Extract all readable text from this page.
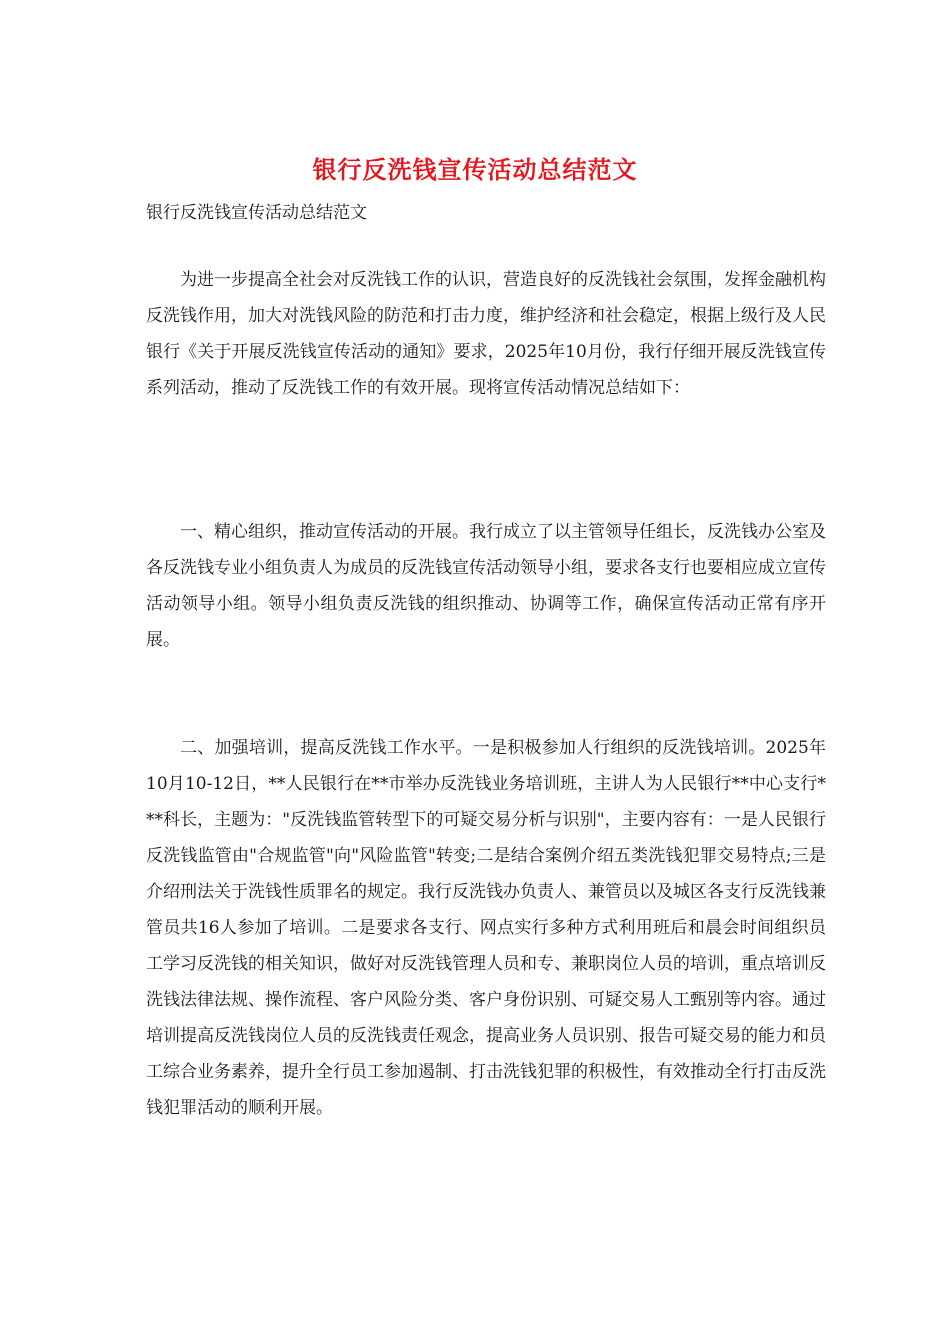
银行反洗钱宣传活动总结范文

银行反洗钱宣传活动总结范文

为进一步提高全社会对反洗钱工作的认识，营造良好的反洗钱社会氛围，发挥金融机构反洗钱作用，加大对洗钱风险的防范和打击力度，维护经济和社会稳定，根据上级行及人民银行《关于开展反洗钱宣传活动的通知》要求，2025年10月份，我行仔细开展反洗钱宣传系列活动，推动了反洗钱工作的有效开展。现将宣传活动情况总结如下：

一、精心组织，推动宣传活动的开展。我行成立了以主管领导任组长，反洗钱办公室及各反洗钱专业小组负责人为成员的反洗钱宣传活动领导小组，要求各支行也要相应成立宣传活动领导小组。领导小组负责反洗钱的组织推动、协调等工作，确保宣传活动正常有序开展。

二、加强培训，提高反洗钱工作水平。一是积极参加人行组织的反洗钱培训。2025年10月10-12日，**人民银行在**市举办反洗钱业务培训班，主讲人为人民银行**中心支行***科长，主题为："反洗钱监管转型下的可疑交易分析与识别"，主要内容有：一是人民银行反洗钱监管由"合规监管"向"风险监管"转变;二是结合案例介绍五类洗钱犯罪交易特点;三是介绍刑法关于洗钱性质罪名的规定。我行反洗钱办负责人、兼管员以及城区各支行反洗钱兼管员共16人参加了培训。二是要求各支行、网点实行多种方式利用班后和晨会时间组织员工学习反洗钱的相关知识，做好对反洗钱管理人员和专、兼职岗位人员的培训，重点培训反洗钱法律法规、操作流程、客户风险分类、客户身份识别、可疑交易人工甄别等内容。通过培训提高反洗钱岗位人员的反洗钱责任观念，提高业务人员识别、报告可疑交易的能力和员工综合业务素养，提升全行员工参加遏制、打击洗钱犯罪的积极性，有效推动全行打击反洗钱犯罪活动的顺利开展。
